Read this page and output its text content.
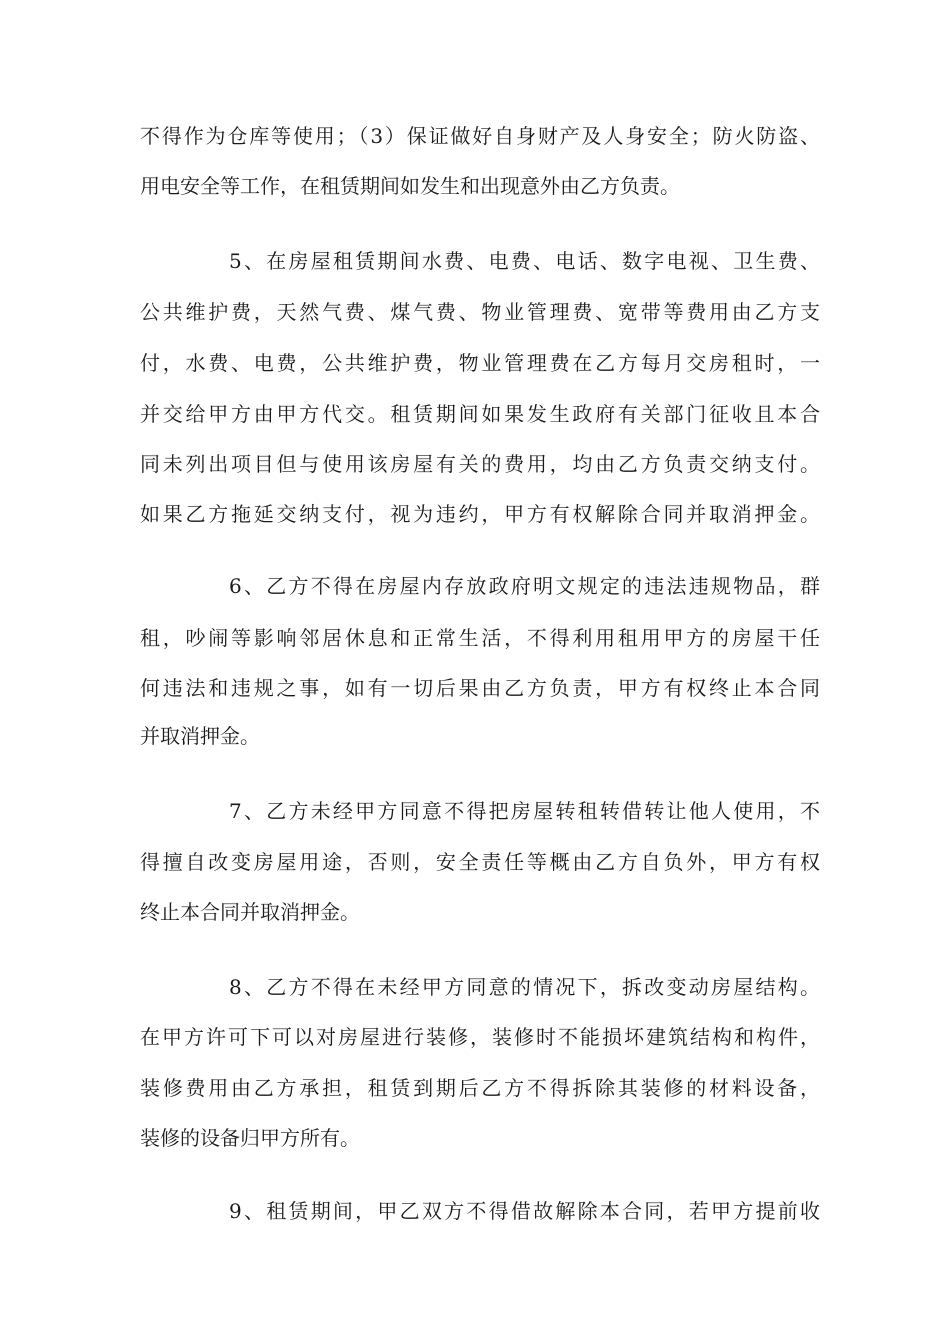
不得作为仓库等使用；（3）保证做好自身财产及人身安全；防火防盗、
用电安全等工作，在租赁期间如发生和出现意外由乙方负责。
5、在房屋租赁期间水费、电费、电话、数字电视、卫生费、
公共维护费，天然气费、煤气费、物业管理费、宽带等费用由乙方支
付，水费、电费，公共维护费，物业管理费在乙方每月交房租时，一
并交给甲方由甲方代交。租赁期间如果发生政府有关部门征收且本合
同未列出项目但与使用该房屋有关的费用，均由乙方负责交纳支付。
如果乙方拖延交纳支付，视为违约，甲方有权解除合同并取消押金。
6、乙方不得在房屋内存放政府明文规定的违法违规物品，群
租，吵闹等影响邻居休息和正常生活，不得利用租用甲方的房屋干任
何违法和违规之事，如有一切后果由乙方负责，甲方有权终止本合同
并取消押金。
7、乙方未经甲方同意不得把房屋转租转借转让他人使用，不
得擅自改变房屋用途，否则，安全责任等概由乙方自负外，甲方有权
终止本合同并取消押金。
8、乙方不得在未经甲方同意的情况下，拆改变动房屋结构。
在甲方许可下可以对房屋进行装修，装修时不能损坏建筑结构和构件，
装修费用由乙方承担，租赁到期后乙方不得拆除其装修的材料设备，
装修的设备归甲方所有。
9、租赁期间，甲乙双方不得借故解除本合同，若甲方提前收
